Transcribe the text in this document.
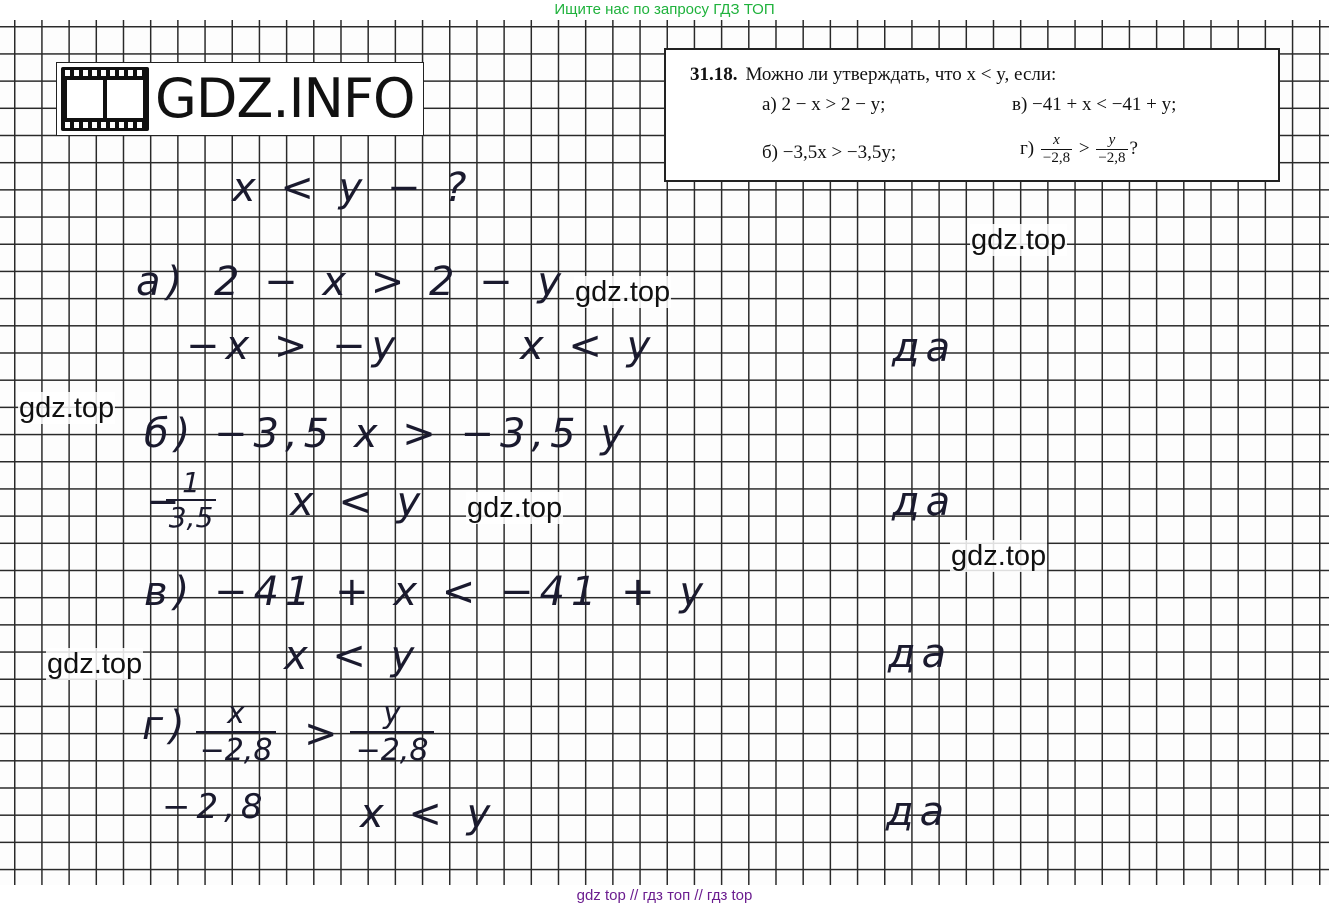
Ищите нас по запросу ГДЗ ТОП
GDZ.INFO	31.18. Можно ли утверждать, что x < y, если:
а) 2 − x > 2 − y;	в) −41 + x < −41 + y;
б) −3,5x > −3,5y;	$г) \frac{x}{-2,8} > \frac{y}{-2,8}$ ?
x < y − ?
а) 2 − x > 2 − y
−x > −y	x < y	да
б) −3,5 x > −3,5 y
−
$\frac{1}{3,5}$ x < y	да
в) −41 + x < −41 + y
x < y	да
$г) \frac{x}{-2,8} > \frac{y}{-2,8}$
−2,8 x < y	да
gdz.top
gdz.top
gdz.top
gdz.top
gdz.top
gdz.top
gdz top // гдз топ // гдз top
